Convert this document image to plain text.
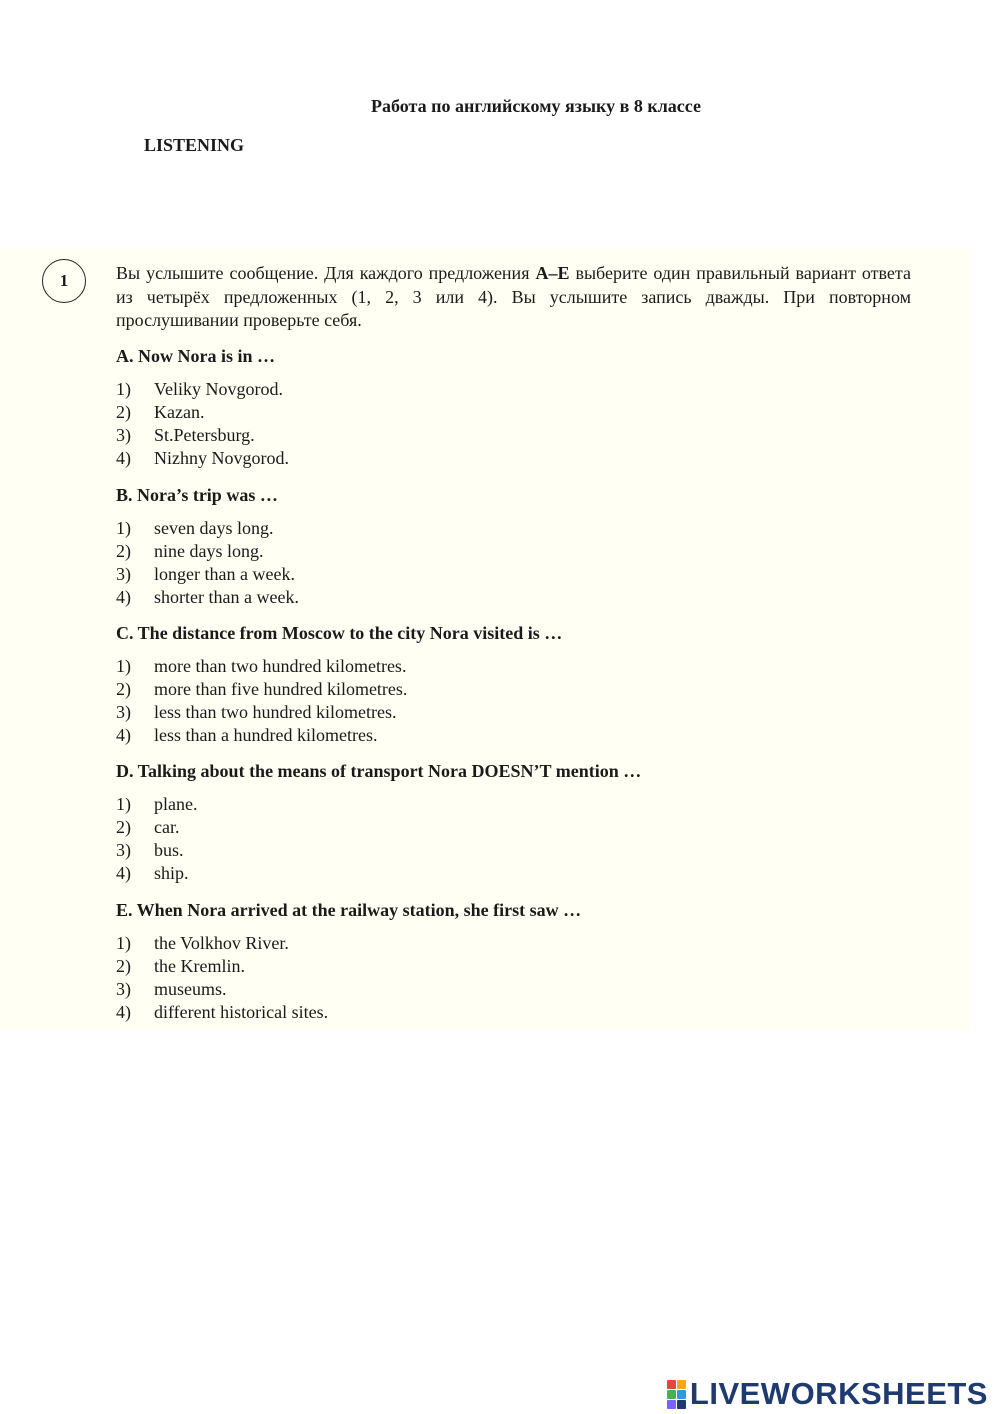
Работа по английскому языку в 8 классе
LISTENING
1	Вы услышите сообщение. Для каждого предложения A–E выберите один правильный вариант ответа из четырёх предложенных (1, 2, 3 или 4). Вы услышите запись дважды. При повторном прослушивании проверьте себя.
A. Now Nora is in …
1) Veliky Novgorod.
2) Kazan.
3) St.Petersburg.
4) Nizhny Novgorod.
B. Nora’s trip was …
1) seven days long.
2) nine days long.
3) longer than a week.
4) shorter than a week.
C. The distance from Moscow to the city Nora visited is …
1) more than two hundred kilometres.
2) more than five hundred kilometres.
3) less than two hundred kilometres.
4) less than a hundred kilometres.
D. Talking about the means of transport Nora DOESN’T mention …
1) plane.
2) car.
3) bus.
4) ship.
E. When Nora arrived at the railway station, she first saw …
1) the Volkhov River.
2) the Kremlin.
3) museums.
4) different historical sites.
LIVEWORKSHEETS
